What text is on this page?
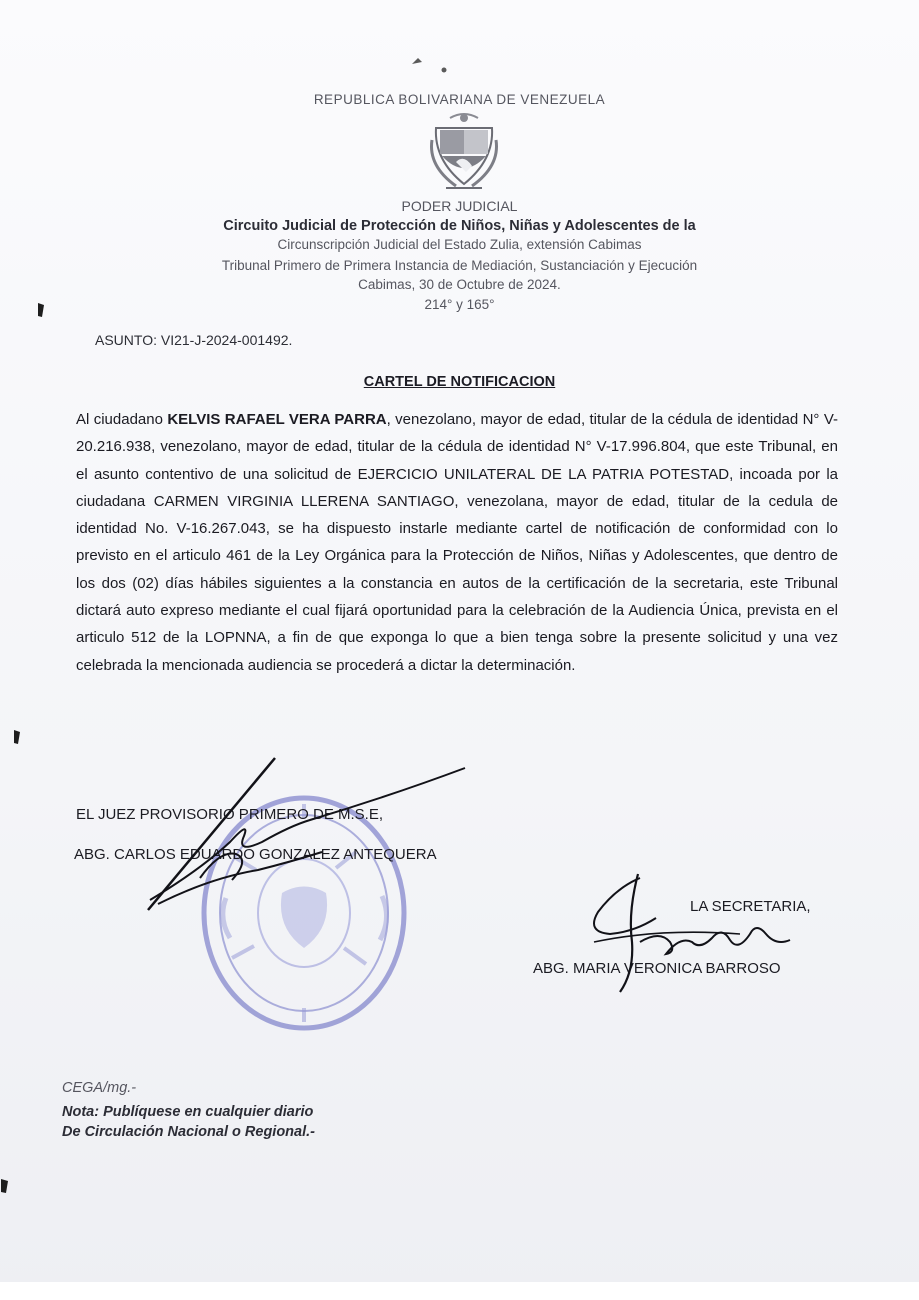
REPUBLICA BOLIVARIANA DE VENEZUELA
PODER JUDICIAL
Circuito Judicial de Protección de Niños, Niñas y Adolescentes de la
Circunscripción Judicial del Estado Zulia, extensión Cabimas
Tribunal Primero de Primera Instancia de Mediación, Sustanciación y Ejecución
Cabimas, 30 de Octubre de 2024.
214° y 165°
ASUNTO: VI21-J-2024-001492.
CARTEL DE NOTIFICACION
Al ciudadano KELVIS RAFAEL VERA PARRA, venezolano, mayor de edad, titular de la cédula de identidad N° V-20.216.938, venezolano, mayor de edad, titular de la cédula de identidad N° V-17.996.804, que este Tribunal, en el asunto contentivo de una solicitud de EJERCICIO UNILATERAL DE LA PATRIA POTESTAD, incoada por la ciudadana CARMEN VIRGINIA LLERENA SANTIAGO, venezolana, mayor de edad, titular de la cedula de identidad No. V-16.267.043, se ha dispuesto instarle mediante cartel de notificación de conformidad con lo previsto en el articulo 461 de la Ley Orgánica para la Protección de Niños, Niñas y Adolescentes, que dentro de los dos (02) días hábiles siguientes a la constancia en autos de la certificación de la secretaria, este Tribunal dictará auto expreso mediante el cual fijará oportunidad para la celebración de la Audiencia Única, prevista en el articulo 512 de la LOPNNA, a fin de que exponga lo que a bien tenga sobre la presente solicitud y una vez celebrada la mencionada audiencia se procederá a dictar la determinación.
EL JUEZ PROVISORIO PRIMERO DE M.S.E,
ABG. CARLOS EDUARDO GONZALEZ ANTEQUERA
LA SECRETARIA,
ABG. MARIA VERONICA BARROSO
CEGA/mg.-
Nota: Publíquese en cualquier diario
De Circulación Nacional o Regional.-
